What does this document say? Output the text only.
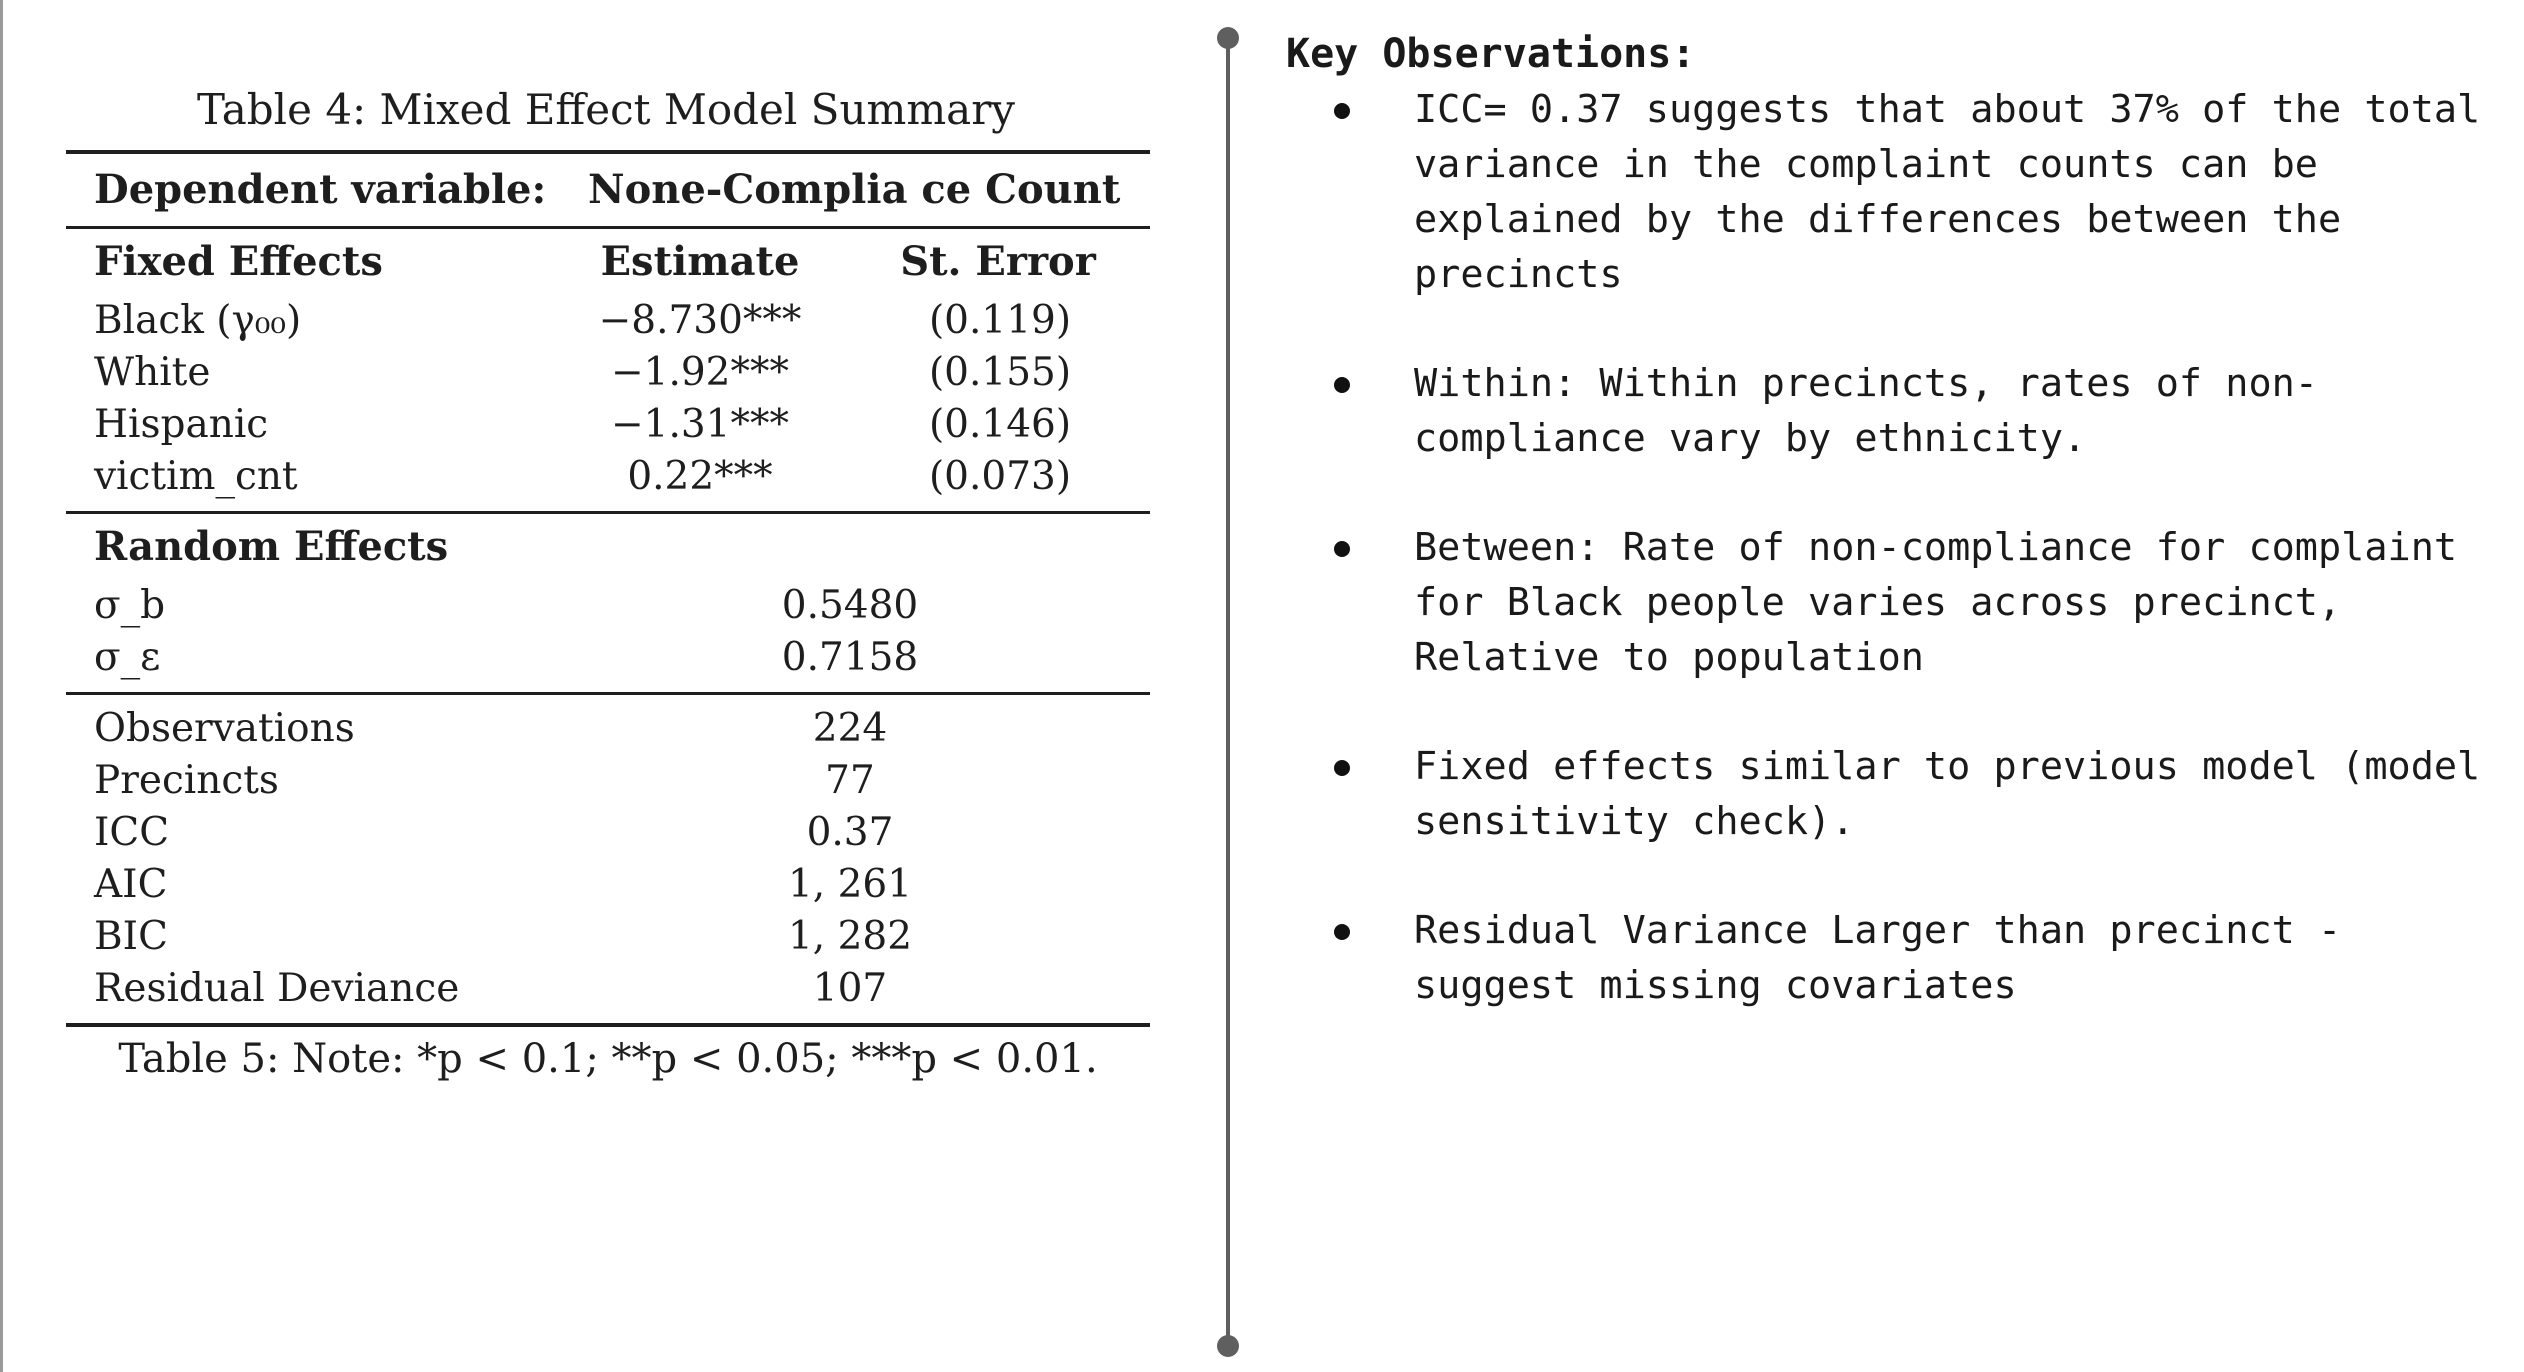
Table 4: Mixed Effect Model Summary
Dependent variable: None-Complia ce Count
Fixed Effects	Estimate	St. Error
Black (γ₀₀)	−8.730***	(0.119)
White	−1.92***	(0.155)
Hispanic	−1.31***	(0.146)
victim_cnt	0.22***	(0.073)
Random Effects
σ_b	0.5480
σ_ε	0.7158
Observations	224
Precincts	77
ICC	0.37
AIC	1, 261
BIC	1, 282
Residual Deviance	107
Table 5: Note: *p < 0.1; **p < 0.05; ***p < 0.01.
Key Observations:
ICC= 0.37 suggests that about 37% of the total variance in the complaint counts can be explained by the differences between the precincts
Within: Within precincts, rates of non-compliance vary by ethnicity.
Between: Rate of non-compliance for complaint for Black people varies across precinct, Relative to population
Fixed effects similar to previous model (model sensitivity check).
Residual Variance Larger than precinct - suggest missing covariates
